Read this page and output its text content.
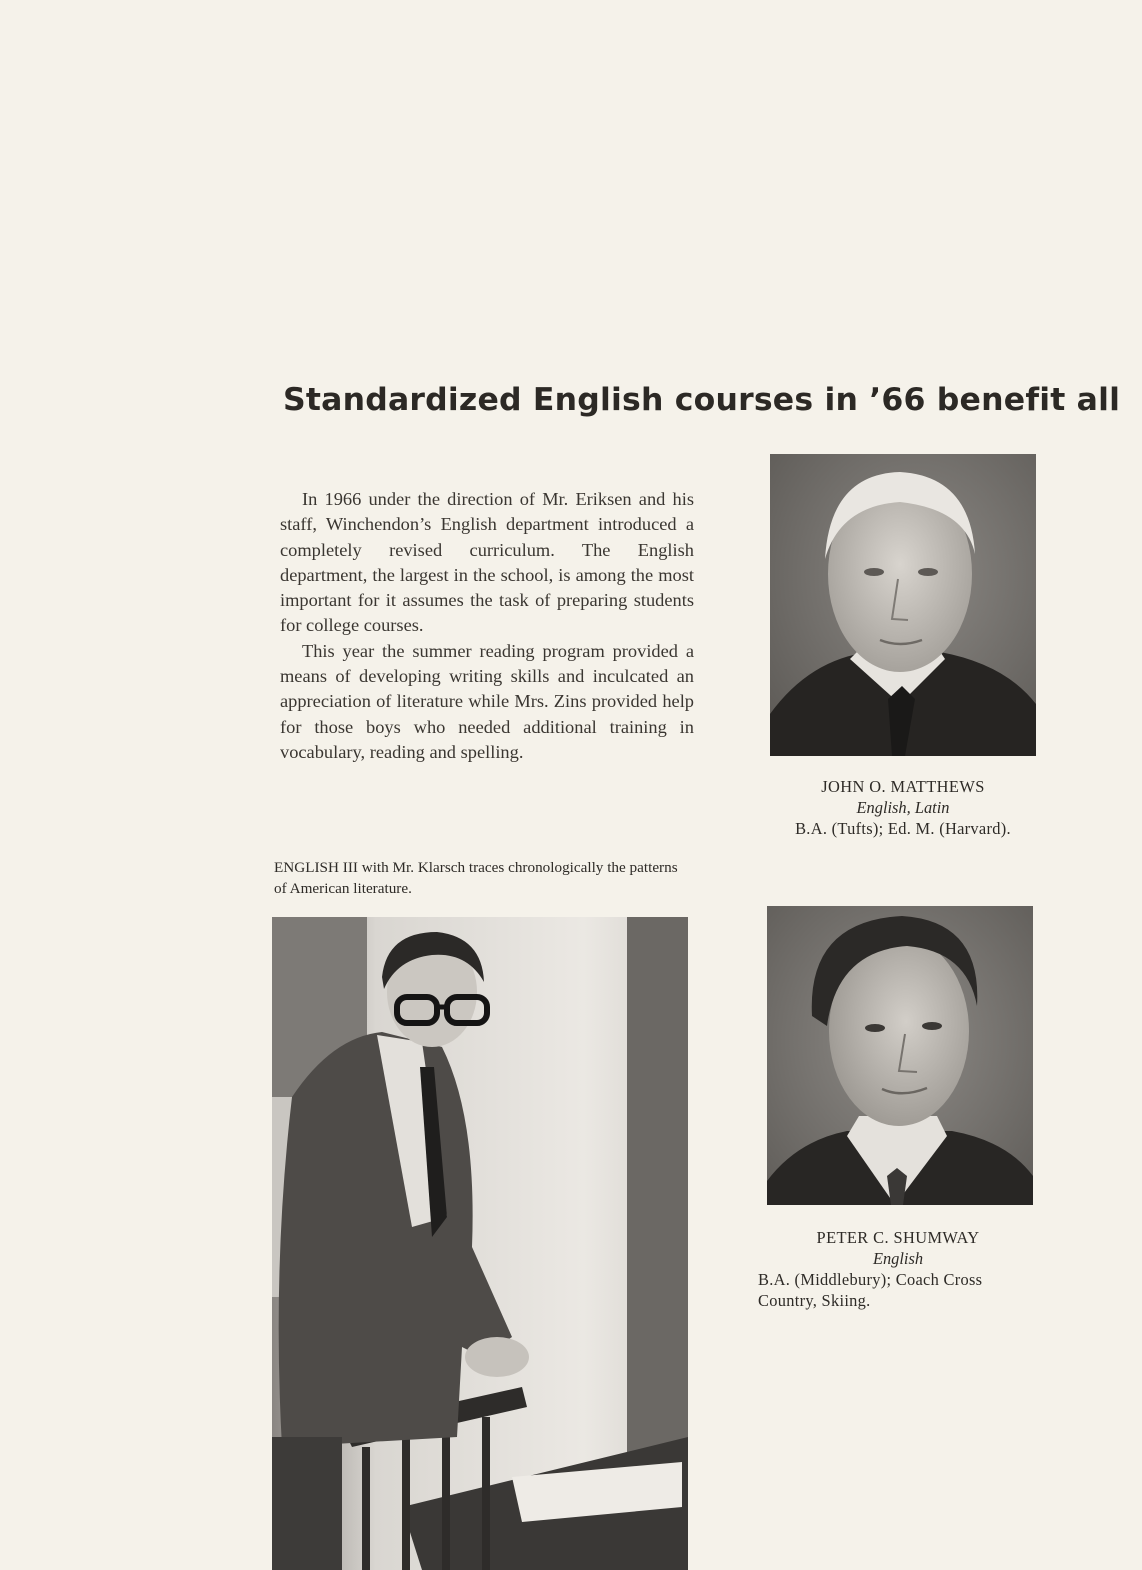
Standardized English courses in ’66 benefit all

In 1966 under the direction of Mr. Eriksen and his staff, Winchendon’s English department introduced a completely revised curriculum. The English department, the largest in the school, is among the most important for it assumes the task of preparing students for college courses.

This year the summer reading program provided a means of developing writing skills and inculcated an appreciation of literature while Mrs. Zins provided help for those boys who needed additional training in vocabulary, reading and spelling.

ENGLISH III with Mr. Klarsch traces chronologically the patterns of American literature.
JOHN O. MATTHEWS
English, Latin
B.A. (Tufts); Ed. M. (Harvard).
PETER C. SHUMWAY
English
B.A. (Middlebury); Coach Cross Country, Skiing.
